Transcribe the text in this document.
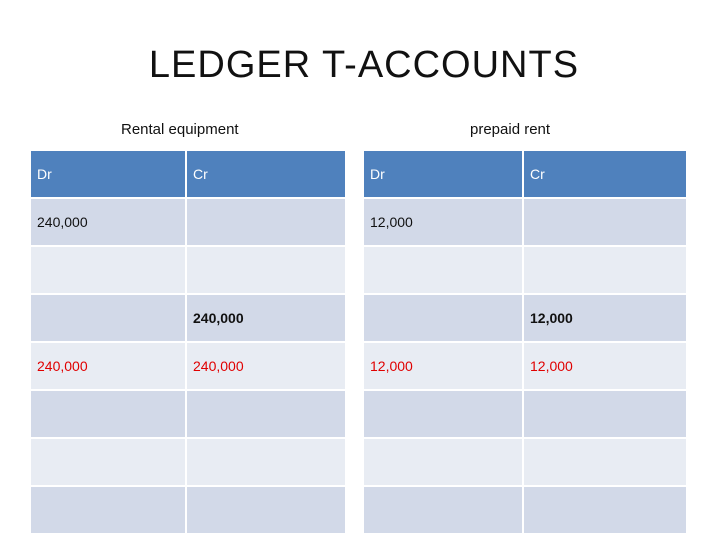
LEDGER T-ACCOUNTS
Rental equipment	prepaid rent
Dr	Cr
240,000	

	240,000
240,000	240,000

Dr	Cr
12,000	

	12,000
12,000	12,000
